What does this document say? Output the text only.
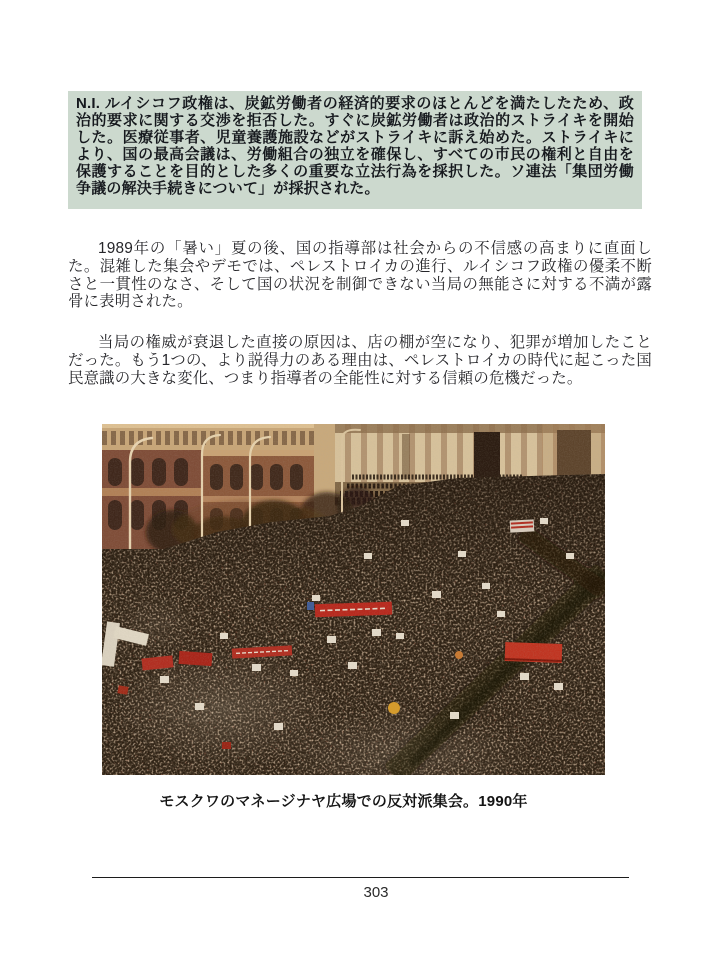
N.I. ルイシコフ政権は、炭鉱労働者の経済的要求のほとんどを満たしたため、政治的要求に関する交渉を拒否した。すぐに炭鉱労働者は政治的ストライキを開始した。医療従事者、児童養護施設などがストライキに訴え始めた。ストライキにより、国の最高会議は、労働組合の独立を確保し、すべての市民の権利と自由を保護することを目的とした多くの重要な立法行為を採択した。ソ連法「集団労働争議の解決手続きについて」が採択された。

1989年の「暑い」夏の後、国の指導部は社会からの不信感の高まりに直面した。混雑した集会やデモでは、ペレストロイカの進行、ルイシコフ政権の優柔不断さと一貫性のなさ、そして国の状況を制御できない当局の無能さに対する不満が露骨に表明された。

当局の権威が衰退した直接の原因は、店の棚が空になり、犯罪が増加したことだった。もう1つの、より説得力のある理由は、ペレストロイカの時代に起こった国民意識の大きな変化、つまり指導者の全能性に対する信頼の危機だった。

モスクワのマネージナヤ広場での反対派集会。1990年
303
